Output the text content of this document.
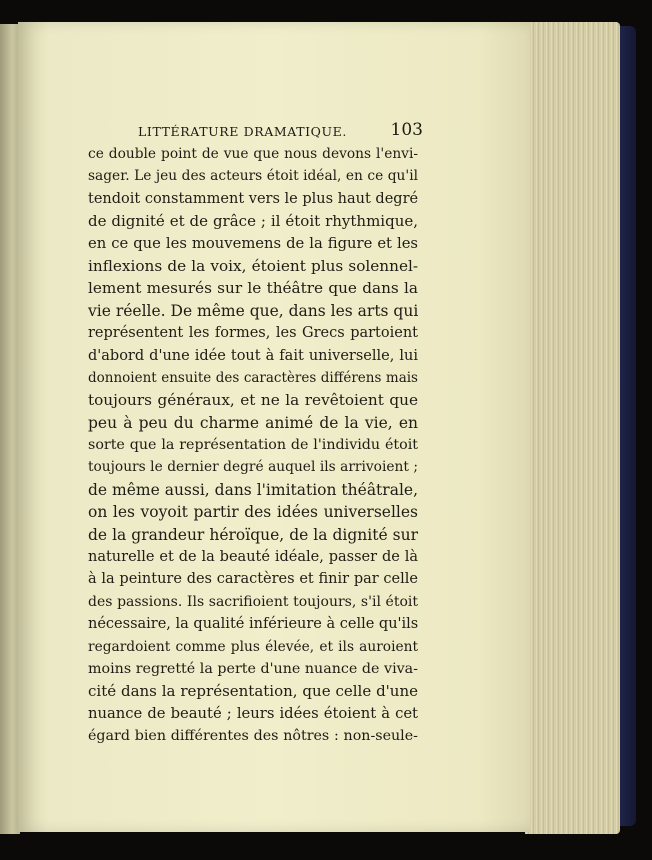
LITTÉRATURE DRAMATIQUE.	103
ce double point de vue que nous devons l'envi-
sager. Le jeu des acteurs étoit idéal, en ce qu'il
tendoit constamment vers le plus haut degré
de dignité et de grâce ; il étoit rhythmique,
en ce que les mouvemens de la figure et les
inflexions de la voix, étoient plus solennel-
lement mesurés sur le théâtre que dans la
vie réelle. De même que, dans les arts qui
représentent les formes, les Grecs partoient
d'abord d'une idée tout à fait universelle, lui
donnoient ensuite des caractères différens mais
toujours généraux, et ne la revêtoient que
peu à peu du charme animé de la vie, en
sorte que la représentation de l'individu étoit
toujours le dernier degré auquel ils arrivoient ;
de même aussi, dans l'imitation théâtrale,
on les voyoit partir des idées universelles
de la grandeur héroïque, de la dignité sur
naturelle et de la beauté idéale, passer de là
à la peinture des caractères et finir par celle
des passions. Ils sacrifioient toujours, s'il étoit
nécessaire, la qualité inférieure à celle qu'ils
regardoient comme plus élevée, et ils auroient
moins regretté la perte d'une nuance de viva-
cité dans la représentation, que celle d'une
nuance de beauté ; leurs idées étoient à cet
égard bien différentes des nôtres : non-seule-
